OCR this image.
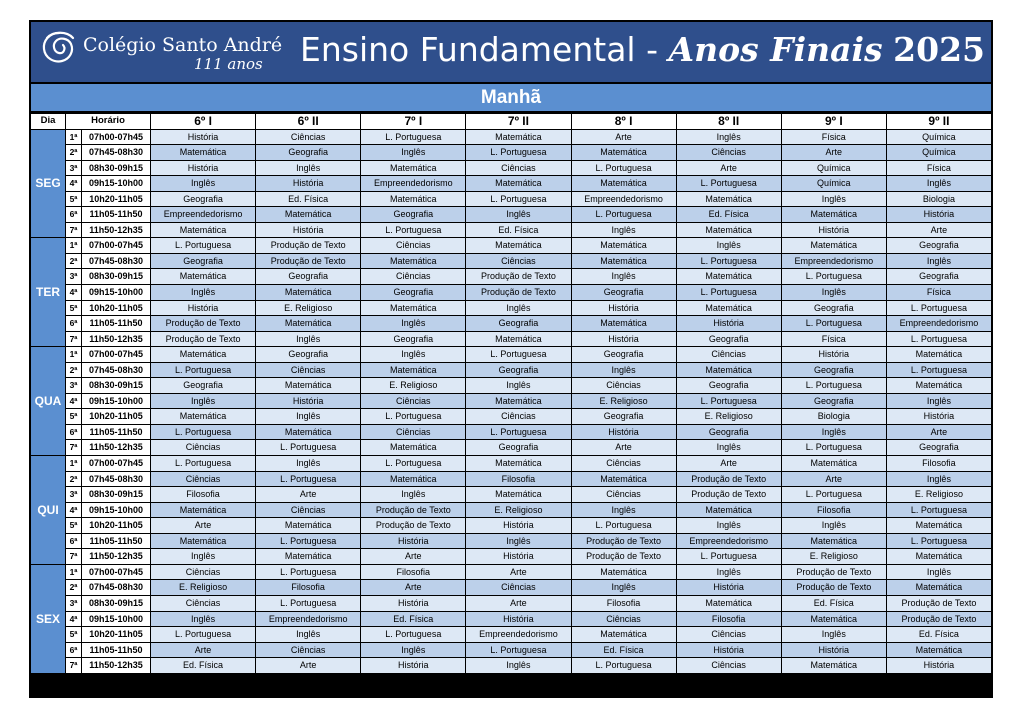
Colégio Santo André
111 anos Ensino Fundamental - Anos Finais 2025
Manhã
Dia	Horário	6º I	6º II	7º I	7º II	8º I	8º II	9º I	9º II
SEG
1ª	07h00-07h45	História	Ciências	L. Portuguesa	Matemática	Arte	Inglês	Física	Química
2ª	07h45-08h30	Matemática	Geografia	Inglês	L. Portuguesa	Matemática	Ciências	Arte	Química
3ª	08h30-09h15	História	Inglês	Matemática	Ciências	L. Portuguesa	Arte	Química	Física
4ª	09h15-10h00	Inglês	História	Empreendedorismo	Matemática	Matemática	L. Portuguesa	Química	Inglês
5ª	10h20-11h05	Geografia	Ed. Física	Matemática	L. Portuguesa	Empreendedorismo	Matemática	Inglês	Biologia
6ª	11h05-11h50	Empreendedorismo	Matemática	Geografia	Inglês	L. Portuguesa	Ed. Física	Matemática	História
7ª	11h50-12h35	Matemática	História	L. Portuguesa	Ed. Física	Inglês	Matemática	História	Arte
TER
1ª	07h00-07h45	L. Portuguesa	Produção de Texto	Ciências	Matemática	Matemática	Inglês	Matemática	Geografia
2ª	07h45-08h30	Geografia	Produção de Texto	Matemática	Ciências	Matemática	L. Portuguesa	Empreendedorismo	Inglês
3ª	08h30-09h15	Matemática	Geografia	Ciências	Produção de Texto	Inglês	Matemática	L. Portuguesa	Geografia
4ª	09h15-10h00	Inglês	Matemática	Geografia	Produção de Texto	Geografia	L. Portuguesa	Inglês	Física
5ª	10h20-11h05	História	E. Religioso	Matemática	Inglês	História	Matemática	Geografia	L. Portuguesa
6ª	11h05-11h50	Produção de Texto	Matemática	Inglês	Geografia	Matemática	História	L. Portuguesa	Empreendedorismo
7ª	11h50-12h35	Produção de Texto	Inglês	Geografia	Matemática	História	Geografia	Física	L. Portuguesa
QUA
1ª	07h00-07h45	Matemática	Geografia	Inglês	L. Portuguesa	Geografia	Ciências	História	Matemática
2ª	07h45-08h30	L. Portuguesa	Ciências	Matemática	Geografia	Inglês	Matemática	Geografia	L. Portuguesa
3ª	08h30-09h15	Geografia	Matemática	E. Religioso	Inglês	Ciências	Geografia	L. Portuguesa	Matemática
4ª	09h15-10h00	Inglês	História	Ciências	Matemática	E. Religioso	L. Portuguesa	Geografia	Inglês
5ª	10h20-11h05	Matemática	Inglês	L. Portuguesa	Ciências	Geografia	E. Religioso	Biologia	História
6ª	11h05-11h50	L. Portuguesa	Matemática	Ciências	L. Portuguesa	História	Geografia	Inglês	Arte
7ª	11h50-12h35	Ciências	L. Portuguesa	Matemática	Geografia	Arte	Inglês	L. Portuguesa	Geografia
QUI
1ª	07h00-07h45	L. Portuguesa	Inglês	L. Portuguesa	Matemática	Ciências	Arte	Matemática	Filosofia
2ª	07h45-08h30	Ciências	L. Portuguesa	Matemática	Filosofia	Matemática	Produção de Texto	Arte	Inglês
3ª	08h30-09h15	Filosofia	Arte	Inglês	Matemática	Ciências	Produção de Texto	L. Portuguesa	E. Religioso
4ª	09h15-10h00	Matemática	Ciências	Produção de Texto	E. Religioso	Inglês	Matemática	Filosofia	L. Portuguesa
5ª	10h20-11h05	Arte	Matemática	Produção de Texto	História	L. Portuguesa	Inglês	Inglês	Matemática
6ª	11h05-11h50	Matemática	L. Portuguesa	História	Inglês	Produção de Texto	Empreendedorismo	Matemática	L. Portuguesa
7ª	11h50-12h35	Inglês	Matemática	Arte	História	Produção de Texto	L. Portuguesa	E. Religioso	Matemática
SEX
1ª	07h00-07h45	Ciências	L. Portuguesa	Filosofia	Arte	Matemática	Inglês	Produção de Texto	Inglês
2ª	07h45-08h30	E. Religioso	Filosofia	Arte	Ciências	Inglês	História	Produção de Texto	Matemática
3ª	08h30-09h15	Ciências	L. Portuguesa	História	Arte	Filosofia	Matemática	Ed. Física	Produção de Texto
4ª	09h15-10h00	Inglês	Empreendedorismo	Ed. Física	História	Ciências	Filosofia	Matemática	Produção de Texto
5ª	10h20-11h05	L. Portuguesa	Inglês	L. Portuguesa	Empreendedorismo	Matemática	Ciências	Inglês	Ed. Física
6ª	11h05-11h50	Arte	Ciências	Inglês	L. Portuguesa	Ed. Física	História	História	Matemática
7ª	11h50-12h35	Ed. Física	Arte	História	Inglês	L. Portuguesa	Ciências	Matemática	História
